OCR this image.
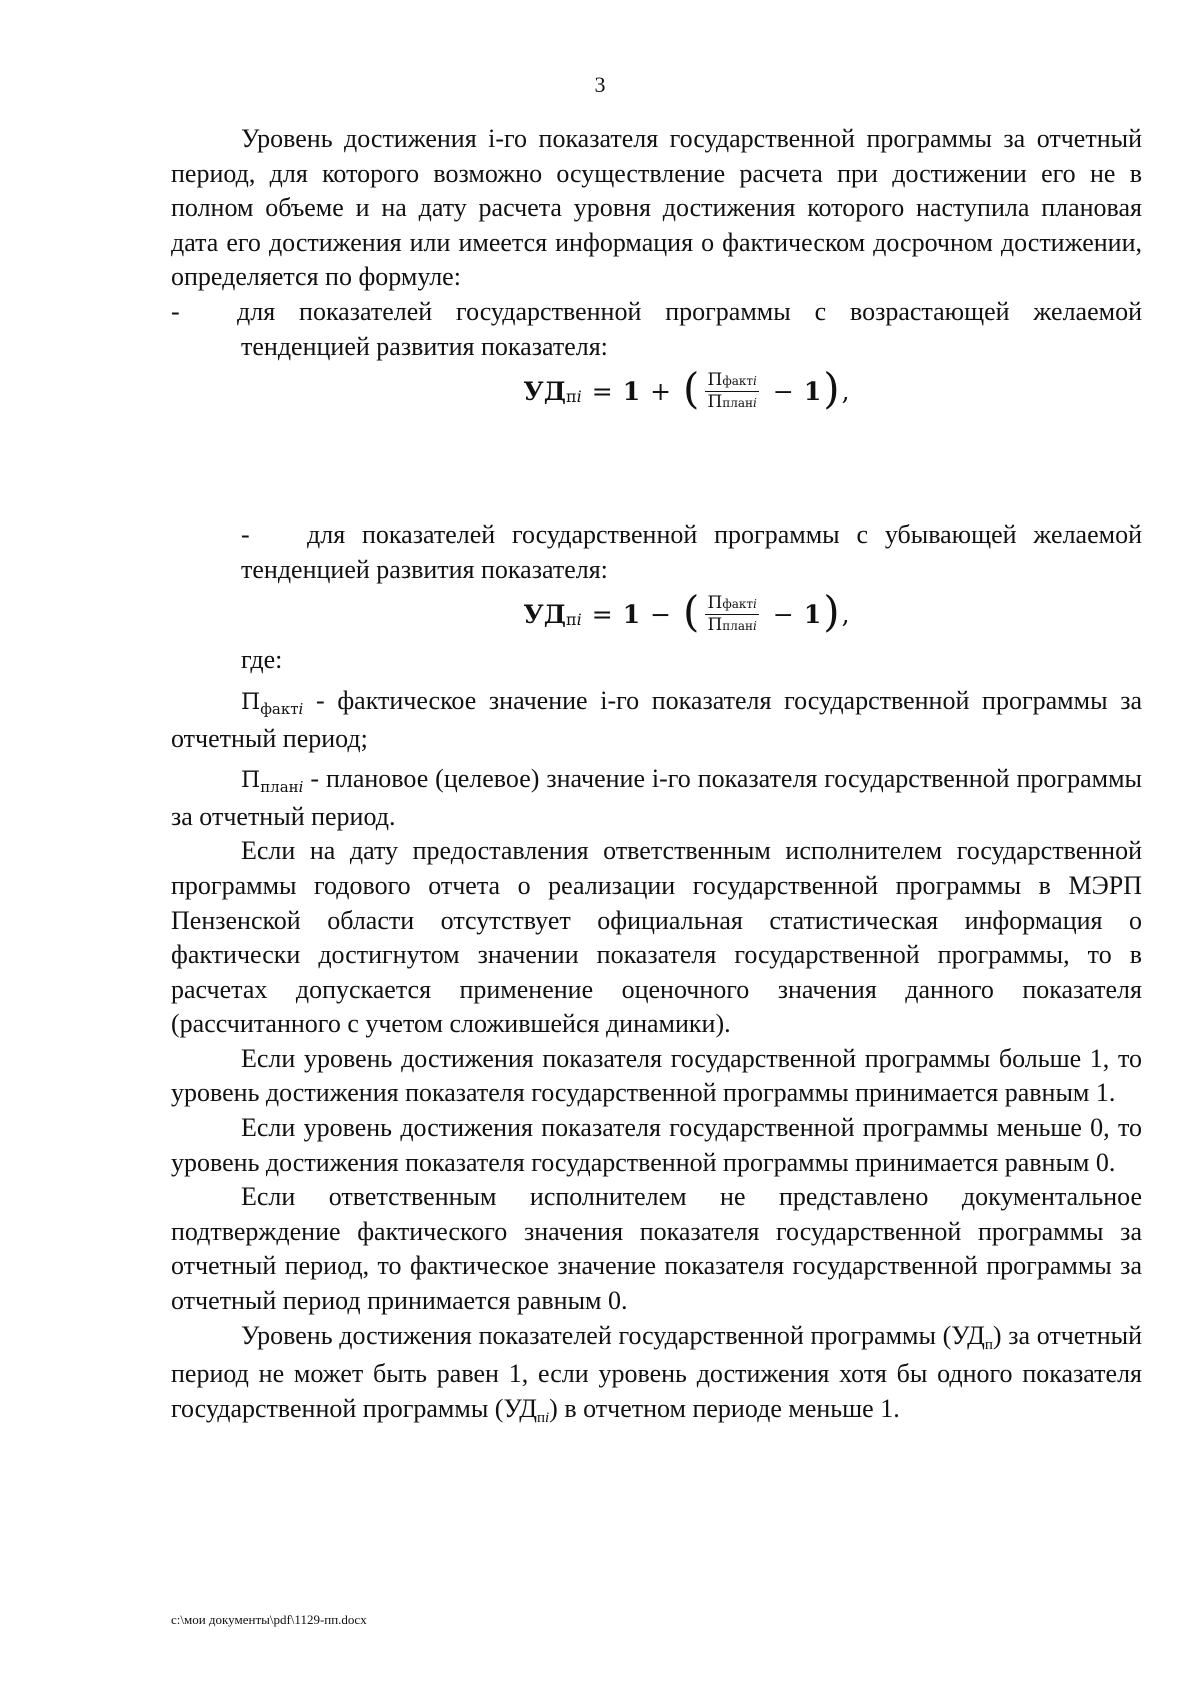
3

Уровень достижения i-го показателя государственной программы за отчетный период, для которого возможно осуществление расчета при достижении его не в полном объеме и на дату расчета уровня достижения которого наступила плановая дата его достижения или имеется информация о фактическом досрочном достижении, определяется по формуле:

- для показателей государственной программы с возрастающей желаемой тенденцией развития показателя:

УД пi = 1 + ( $\frac{\text{Пфактi}}{\text{Ппланi}} - 1$ ) ,

- для показателей государственной программы с убывающей желаемой тенденцией развития показателя:

УД пi = 1 − ( $\frac{\text{Пфактi}}{\text{Ппланi}} - 1$ ) ,

где:

$П_{фактi}$ - фактическое значение i-го показателя государственной программы за отчетный период;

$П_{планi}$ - плановое (целевое) значение i-го показателя государственной программы за отчетный период.

Если на дату предоставления ответственным исполнителем государственной программы годового отчета о реализации государственной программы в МЭРП Пензенской области отсутствует официальная статистическая информация о фактически достигнутом значении показателя государственной программы, то в расчетах допускается применение оценочного значения данного показателя (рассчитанного с учетом сложившейся динамики).

Если уровень достижения показателя государственной программы больше 1, то уровень достижения показателя государственной программы принимается равным 1.

Если уровень достижения показателя государственной программы меньше 0, то уровень достижения показателя государственной программы принимается равным 0.

Если ответственным исполнителем не представлено документальное подтверждение фактического значения показателя государственной программы за отчетный период, то фактическое значение показателя государственной программы за отчетный период принимается равным 0.

Уровень достижения показателей государственной программы (УДп) за отчетный период не может быть равен 1, если уровень достижения хотя бы одного показателя государственной программы (УДпi) в отчетном периоде меньше 1.

c:\мои документы\pdf\1129-пп.docx
